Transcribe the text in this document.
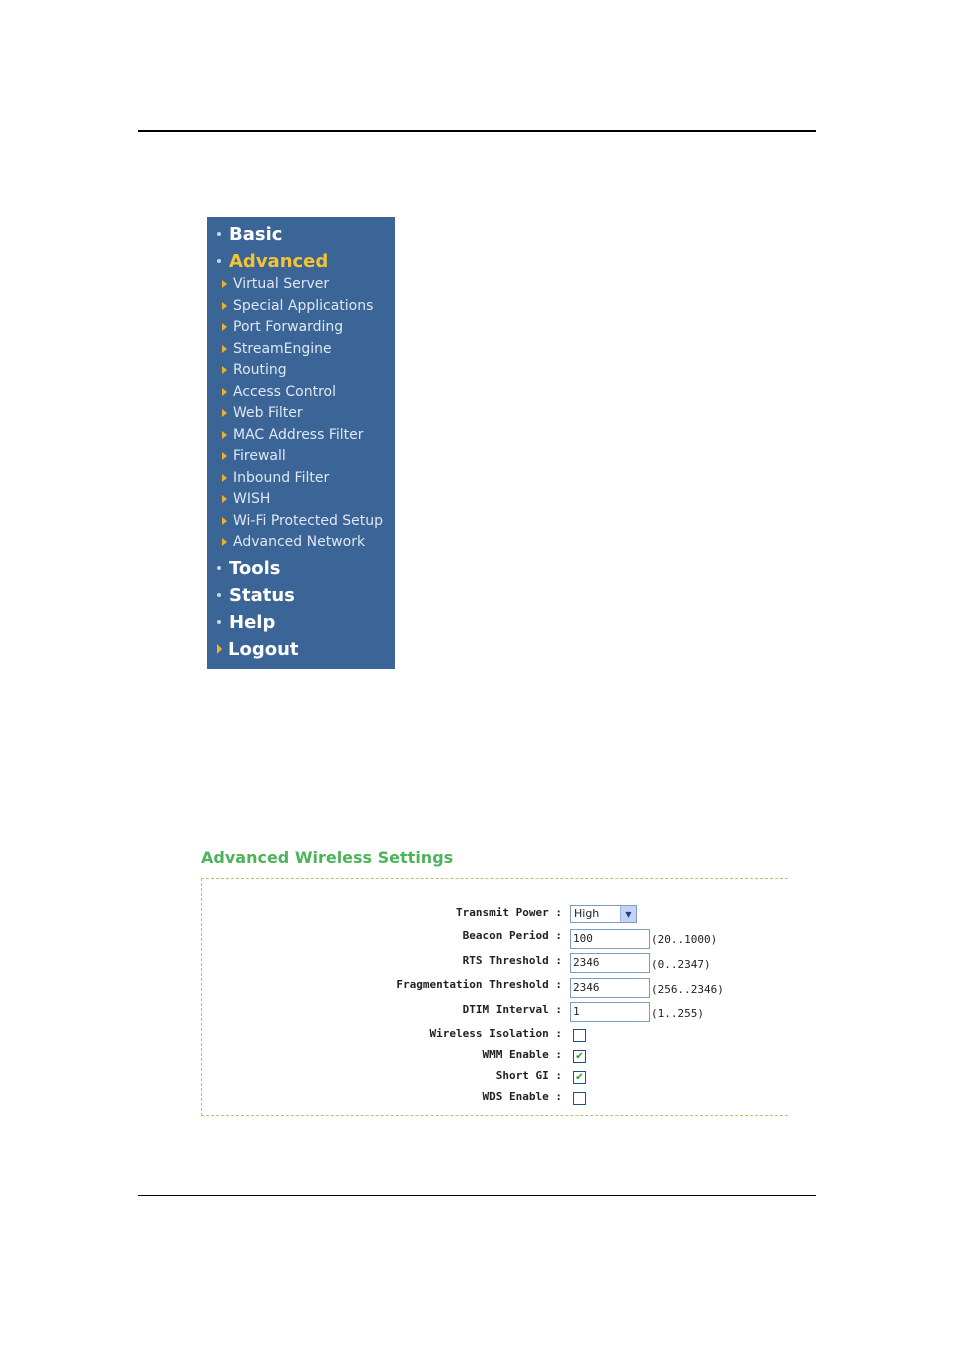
Basic
Advanced
Virtual Server
Special Applications
Port Forwarding
StreamEngine
Routing
Access Control
Web Filter
MAC Address Filter
Firewall
Inbound Filter
WISH
Wi-Fi Protected Setup
Advanced Network
Tools
Status
Help
Logout
Advanced Wireless Settings
Transmit Power : High	▼
Beacon Period : 100	(20..1000)
RTS Threshold : 2346	(0..2347)
Fragmentation Threshold : 2346	(256..2346)
DTIM Interval : 1	(1..255)
Wireless Isolation :
WMM Enable : ✔
Short GI : ✔
WDS Enable :
